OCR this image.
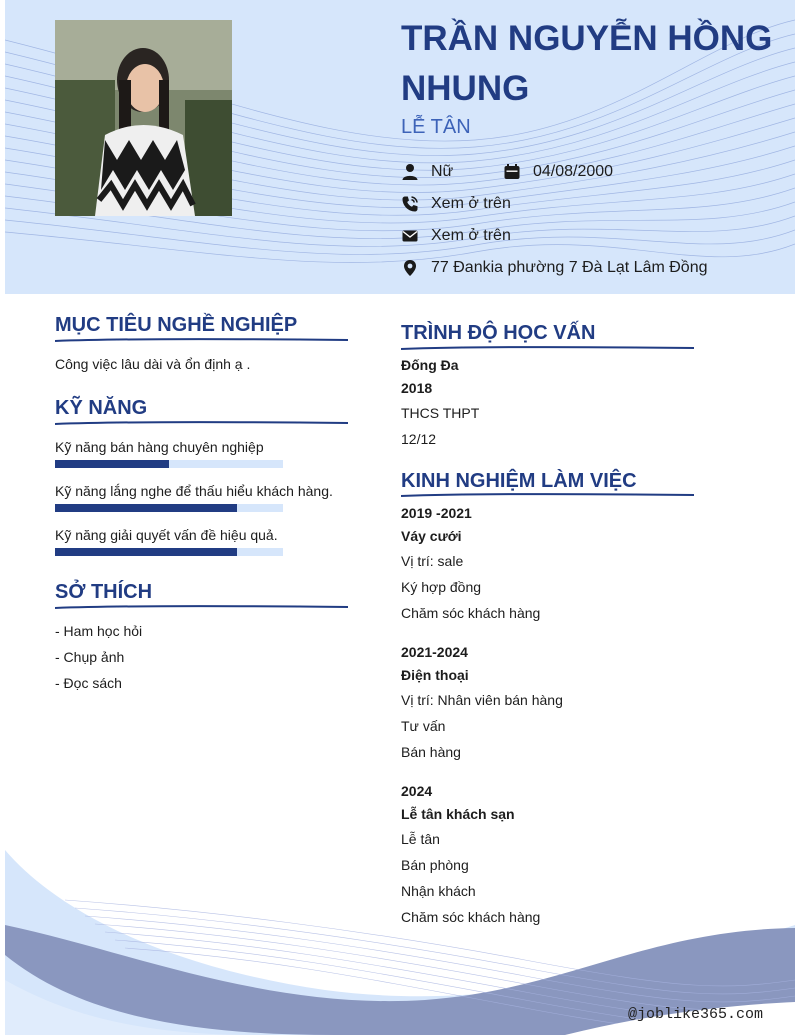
TRẦN NGUYỄN HỒNG NHUNG
LỄ TÂN
Nữ	04/08/2000
Xem ở trên
Xem ở trên
77 Đankia phường 7 Đà Lạt Lâm Đồng
MỤC TIÊU NGHỀ NGHIỆP
Công việc lâu dài và ổn định ạ .
KỸ NĂNG
Kỹ năng bán hàng chuyên nghiệp
Kỹ năng lắng nghe để thấu hiểu khách hàng.
Kỹ năng giải quyết vấn đề hiệu quả.
SỞ THÍCH
- Ham học hỏi
- Chụp ảnh
- Đọc sách
TRÌNH ĐỘ HỌC VẤN
Đống Đa
2018
THCS THPT
12/12
KINH NGHIỆM LÀM VIỆC
2019 -2021
Váy cưới
Vị trí: sale
Ký hợp đồng
Chăm sóc khách hàng
2021-2024
Điện thoại
Vị trí: Nhân viên bán hàng
Tư vấn
Bán hàng
2024
Lễ tân khách sạn
Lễ tân
Bán phòng
Nhận khách
Chăm sóc khách hàng
@joblike365.com
